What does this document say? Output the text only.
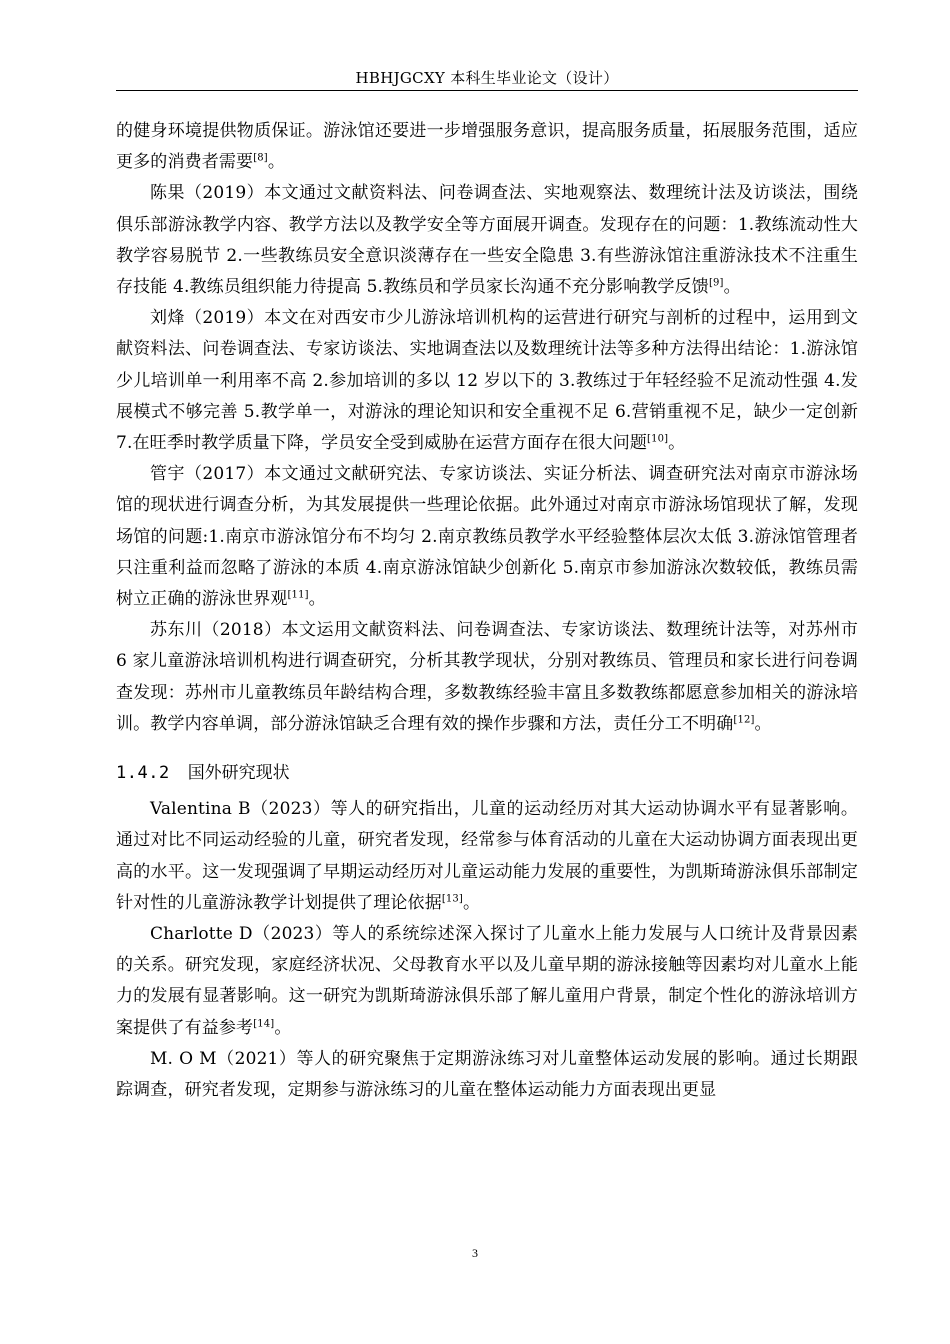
HBHJGCXY 本科生毕业论文（设计）

的健身环境提供物质保证。游泳馆还要进一步增强服务意识，提高服务质量，拓展服务范围，适应更多的消费者需要[8]。

陈果（2019）本文通过文献资料法、问卷调查法、实地观察法、数理统计法及访谈法，围绕俱乐部游泳教学内容、教学方法以及教学安全等方面展开调查。发现存在的问题：1.教练流动性大教学容易脱节 2.一些教练员安全意识淡薄存在一些安全隐患 3.有些游泳馆注重游泳技术不注重生存技能 4.教练员组织能力待提高 5.教练员和学员家长沟通不充分影响教学反馈[9]。

刘烽（2019）本文在对西安市少儿游泳培训机构的运营进行研究与剖析的过程中，运用到文献资料法、问卷调查法、专家访谈法、实地调查法以及数理统计法等多种方法得出结论：1.游泳馆少儿培训单一利用率不高 2.参加培训的多以 12 岁以下的 3.教练过于年轻经验不足流动性强 4.发展模式不够完善 5.教学单一，对游泳的理论知识和安全重视不足 6.营销重视不足，缺少一定创新 7.在旺季时教学质量下降，学员安全受到威胁在运营方面存在很大问题[10]。

管宇（2017）本文通过文献研究法、专家访谈法、实证分析法、调查研究法对南京市游泳场馆的现状进行调查分析，为其发展提供一些理论依据。此外通过对南京市游泳场馆现状了解，发现场馆的问题:1.南京市游泳馆分布不均匀 2.南京教练员教学水平经验整体层次太低 3.游泳馆管理者只注重利益而忽略了游泳的本质 4.南京游泳馆缺少创新化 5.南京市参加游泳次数较低，教练员需树立正确的游泳世界观[11]。

苏东川（2018）本文运用文献资料法、问卷调查法、专家访谈法、数理统计法等，对苏州市 6 家儿童游泳培训机构进行调查研究，分析其教学现状，分别对教练员、管理员和家长进行问卷调查发现：苏州市儿童教练员年龄结构合理，多数教练经验丰富且多数教练都愿意参加相关的游泳培训。教学内容单调，部分游泳馆缺乏合理有效的操作步骤和方法，责任分工不明确[12]。

1.4.2 国外研究现状

Valentina B（2023）等人的研究指出，儿童的运动经历对其大运动协调水平有显著影响。通过对比不同运动经验的儿童，研究者发现，经常参与体育活动的儿童在大运动协调方面表现出更高的水平。这一发现强调了早期运动经历对儿童运动能力发展的重要性，为凯斯琦游泳俱乐部制定针对性的儿童游泳教学计划提供了理论依据[13]。

Charlotte D（2023）等人的系统综述深入探讨了儿童水上能力发展与人口统计及背景因素的关系。研究发现，家庭经济状况、父母教育水平以及儿童早期的游泳接触等因素均对儿童水上能力的发展有显著影响。这一研究为凯斯琦游泳俱乐部了解儿童用户背景，制定个性化的游泳培训方案提供了有益参考[14]。

M. O M（2021）等人的研究聚焦于定期游泳练习对儿童整体运动发展的影响。通过长期跟踪调查，研究者发现，定期参与游泳练习的儿童在整体运动能力方面表现出更显

3
